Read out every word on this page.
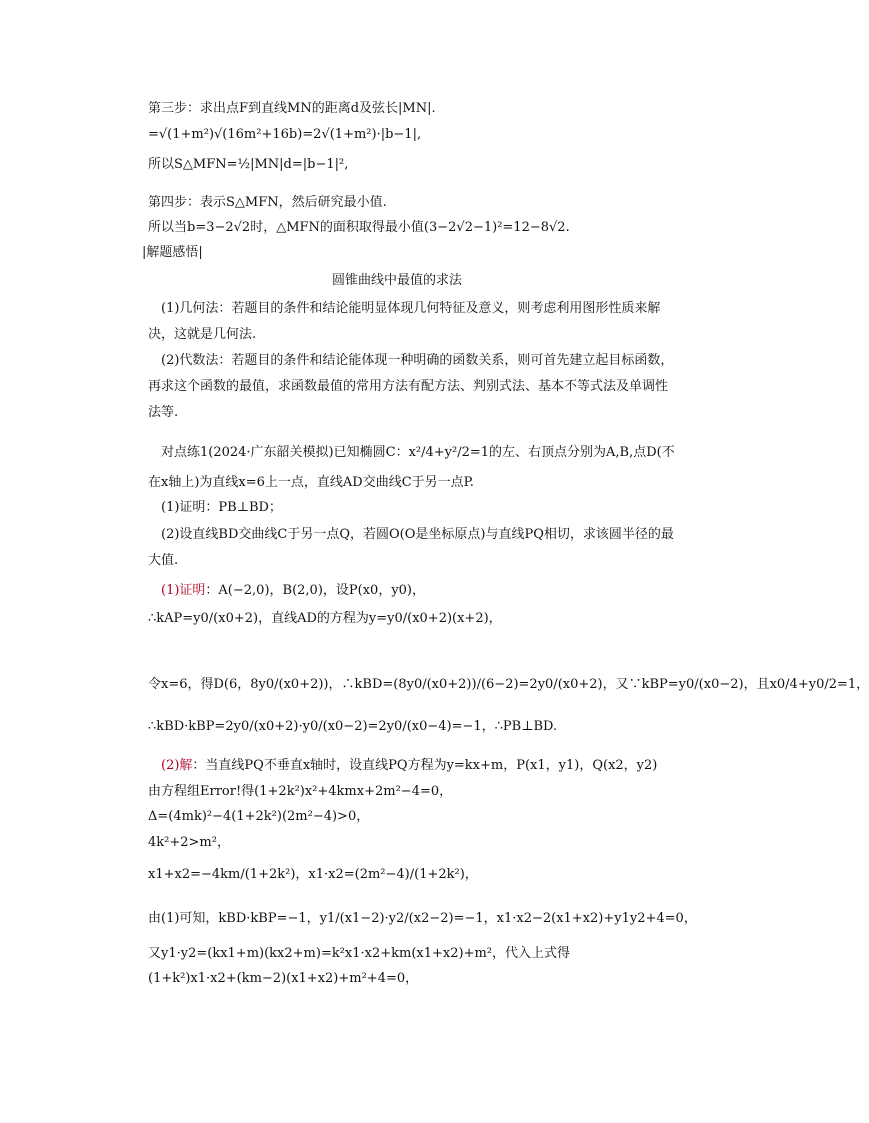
第三步：求出点F到直线MN的距离d及弦长|MN|.
=√(1+m²)√(16m²+16b)=2√(1+m²)·|b−1|,
所以S△MFN=½|MN|d=|b−1|²,
第四步：表示S△MFN，然后研究最小值.
所以当b=3−2√2时，△MFN的面积取得最小值(3−2√2−1)²=12−8√2.
|解题感悟|
圆锥曲线中最值的求法
(1)几何法：若题目的条件和结论能明显体现几何特征及意义，则考虑利用图形性质来解决，这就是几何法.
(2)代数法：若题目的条件和结论能体现一种明确的函数关系，则可首先建立起目标函数，再求这个函数的最值，求函数最值的常用方法有配方法、判别式法、基本不等式法及单调性法等.
对点练1(2024·广东韶关模拟)已知椭圆C：x²/4+y²/2=1的左、右顶点分别为A,B,点D(不
在x轴上)为直线x=6上一点，直线AD交曲线C于另一点P.
(1)证明：PB⊥BD；
(2)设直线BD交曲线C于另一点Q，若圆O(O是坐标原点)与直线PQ相切，求该圆半径的最大值.
(1)证明：A(−2,0)，B(2,0)，设P(x0，y0)，
∴kAP=y0/(x0+2)，直线AD的方程为y=y0/(x0+2)(x+2)，
令x=6，得D(6，8y0/(x0+2))，∴kBD=(8y0/(x0+2))/(6−2)=2y0/(x0+2)，又∵kBP=y0/(x0−2)，且x0/4+y0/2=1，
∴kBD·kBP=2y0/(x0+2)·y0/(x0−2)=2y0/(x0−4)=−1，∴PB⊥BD.
(2)解：当直线PQ不垂直x轴时，设直线PQ方程为y=kx+m，P(x1，y1)，Q(x2，y2)
由方程组Error!得(1+2k²)x²+4kmx+2m²−4=0，
Δ=(4mk)²−4(1+2k²)(2m²−4)>0，
4k²+2>m²，
x1+x2=−4km/(1+2k²)，x1·x2=(2m²−4)/(1+2k²)，
由(1)可知，kBD·kBP=−1，y1/(x1−2)·y2/(x2−2)=−1，x1·x2−2(x1+x2)+y1y2+4=0，
又y1·y2=(kx1+m)(kx2+m)=k²x1·x2+km(x1+x2)+m²，代入上式得
(1+k²)x1·x2+(km−2)(x1+x2)+m²+4=0，
